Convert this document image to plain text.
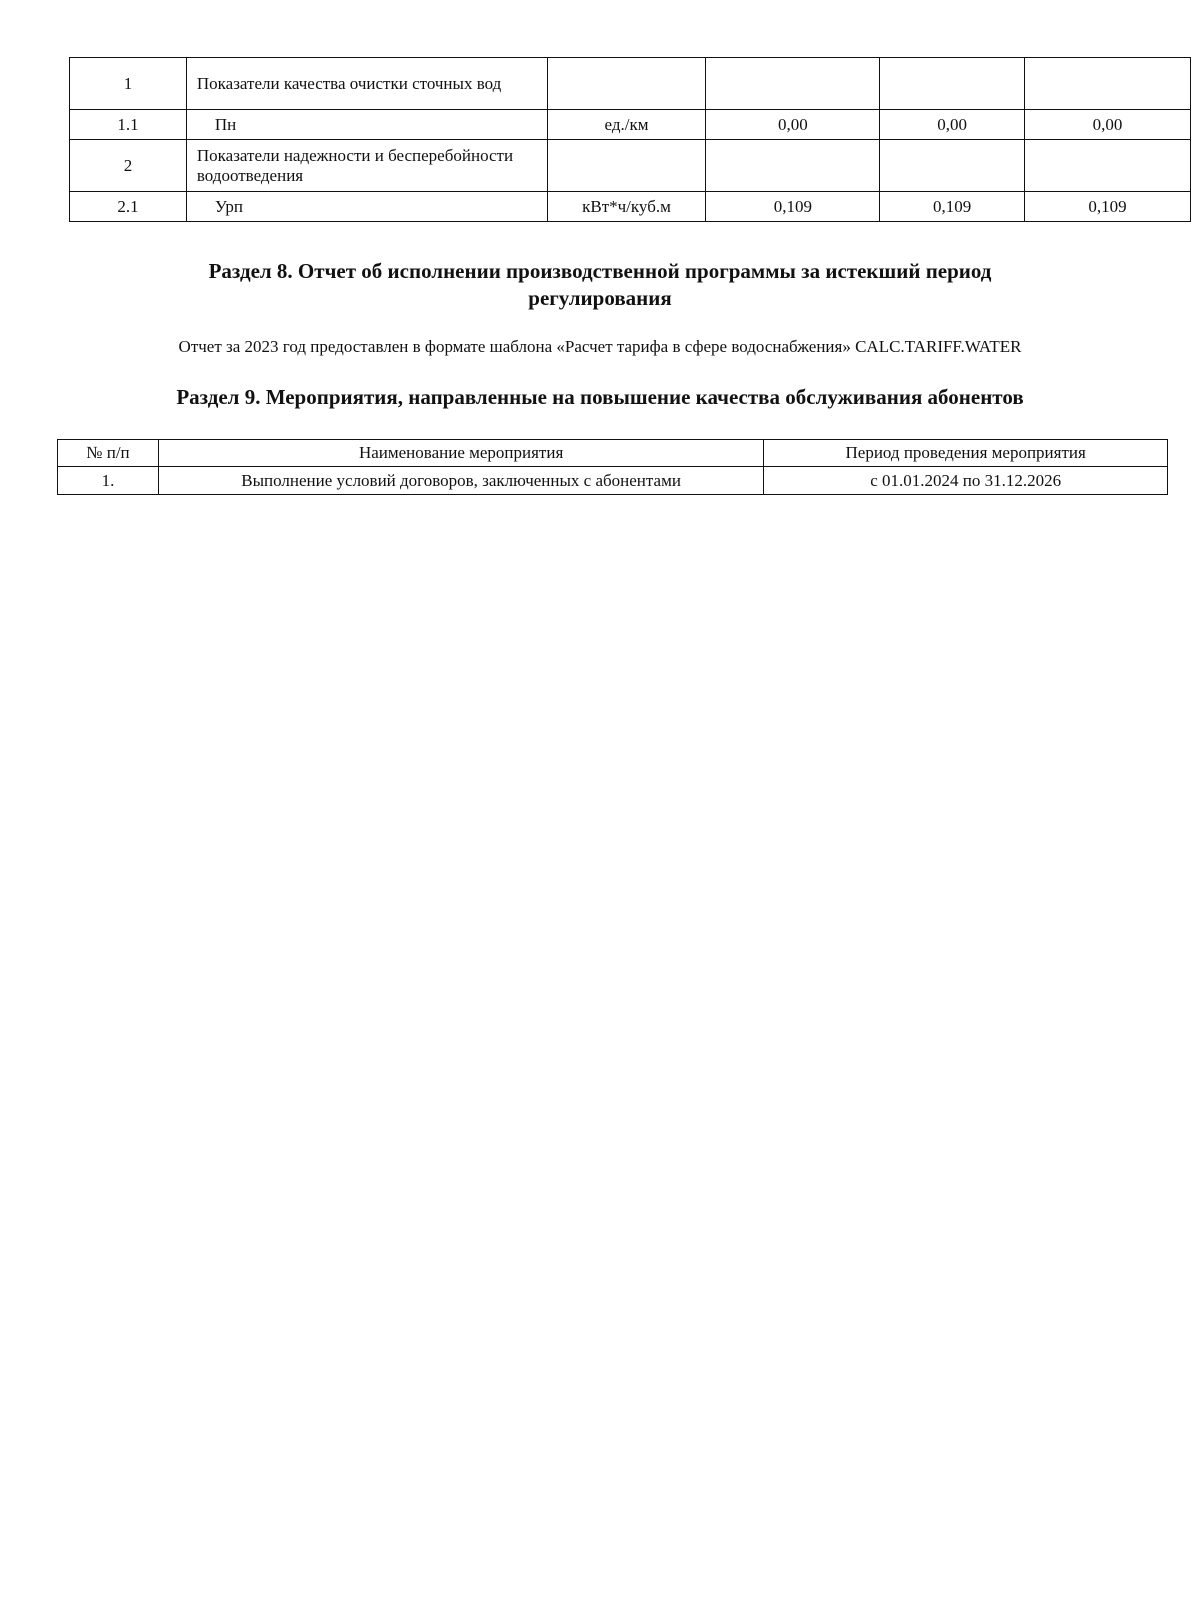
1	Показатели качества очистки сточных вод				
1.1	Пн	ед./км	0,00	0,00	0,00
2	Показатели надежности и бесперебойности водоотведения				
2.1	Урп	кВт*ч/куб.м	0,109	0,109	0,109
Раздел 8. Отчет об исполнении производственной программы за истекший период
регулирования
Отчет за 2023 год предоставлен в формате шаблона «Расчет тарифа в сфере водоснабжения» CALC.TARIFF.WATER
Раздел 9. Мероприятия, направленные на повышение качества обслуживания абонентов
№ п/п	Наименование мероприятия	Период проведения мероприятия
1.	Выполнение условий договоров, заключенных с абонентами	с 01.01.2024 по 31.12.2026
